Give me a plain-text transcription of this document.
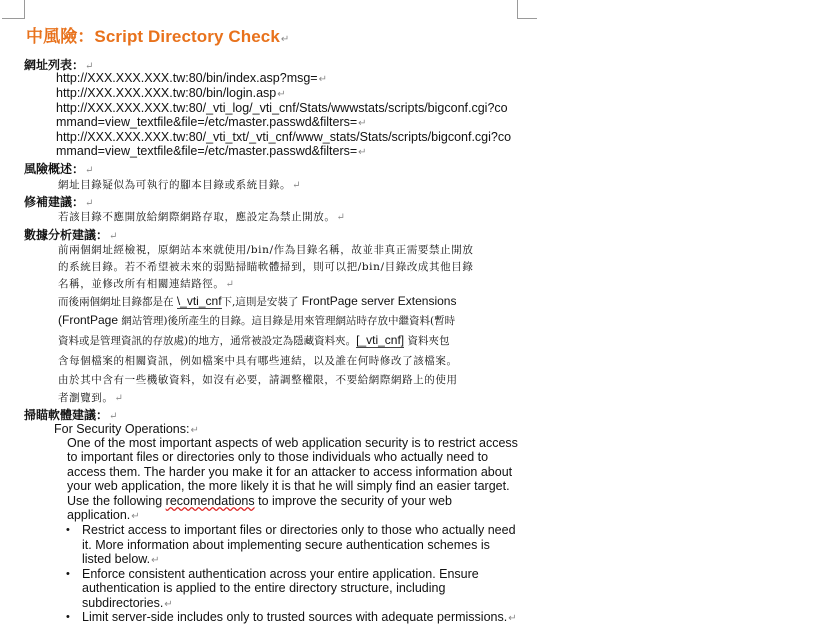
中風險：Script Directory Check↵
網址列表：↵
http://XXX.XXX.XXX.tw:80/bin/index.asp?msg=↵
http://XXX.XXX.XXX.tw:80/bin/login.asp↵
http://XXX.XXX.XXX.tw:80/_vti_log/_vti_cnf/Stats/wwwstats/scripts/bigconf.cgi?co
mmand=view_textfile&file=/etc/master.passwd&filters=↵
http://XXX.XXX.XXX.tw:80/_vti_txt/_vti_cnf/www_stats/Stats/scripts/bigconf.cgi?co
mmand=view_textfile&file=/etc/master.passwd&filters=↵
風險概述：↵
網址目錄疑似為可執行的腳本目錄或系統目錄。↵
修補建議：↵
若該目錄不應開放給網際網路存取，應設定為禁止開放。↵
數據分析建議：↵
前兩個網址經檢視，原網站本來就使用/bin/作為目錄名稱，故並非真正需要禁止開放
的系統目錄。若不希望被未來的弱點掃瞄軟體掃到，則可以把/bin/目錄改成其他目錄
名稱，並修改所有相關連結路徑。↵
而後兩個網址目錄都是在 \_vti_cnf下,這則是安裝了 FrontPage server Extensions
(FrontPage 網站管理)後所產生的目錄。這目錄是用來管理網站時存放中繼資料(暫時
資料或是管理資訊的存放處)的地方，通常被設定為隱藏資料夾。[_vti_cnf] 資料夾包
含每個檔案的相關資訊，例如檔案中具有哪些連結，以及誰在何時修改了該檔案。
由於其中含有一些機敏資料，如沒有必要，請調整權限，不要給網際網路上的使用
者瀏覽到。↵
掃瞄軟體建議：↵
For Security Operations:↵
One of the most important aspects of web application security is to restrict access
to important files or directories only to those individuals who actually need to
access them. The harder you make it for an attacker to access information about
your web application, the more likely it is that he will simply find an easier target.
Use the following recomendations to improve the security of your web
application.↵
• Restrict access to important files or directories only to those who actually need
it. More information about implementing secure authentication schemes is
listed below.↵
• Enforce consistent authentication across your entire application. Ensure
authentication is applied to the entire directory structure, including
subdirectories.↵
• Limit server-side includes only to trusted sources with adequate permissions.↵
